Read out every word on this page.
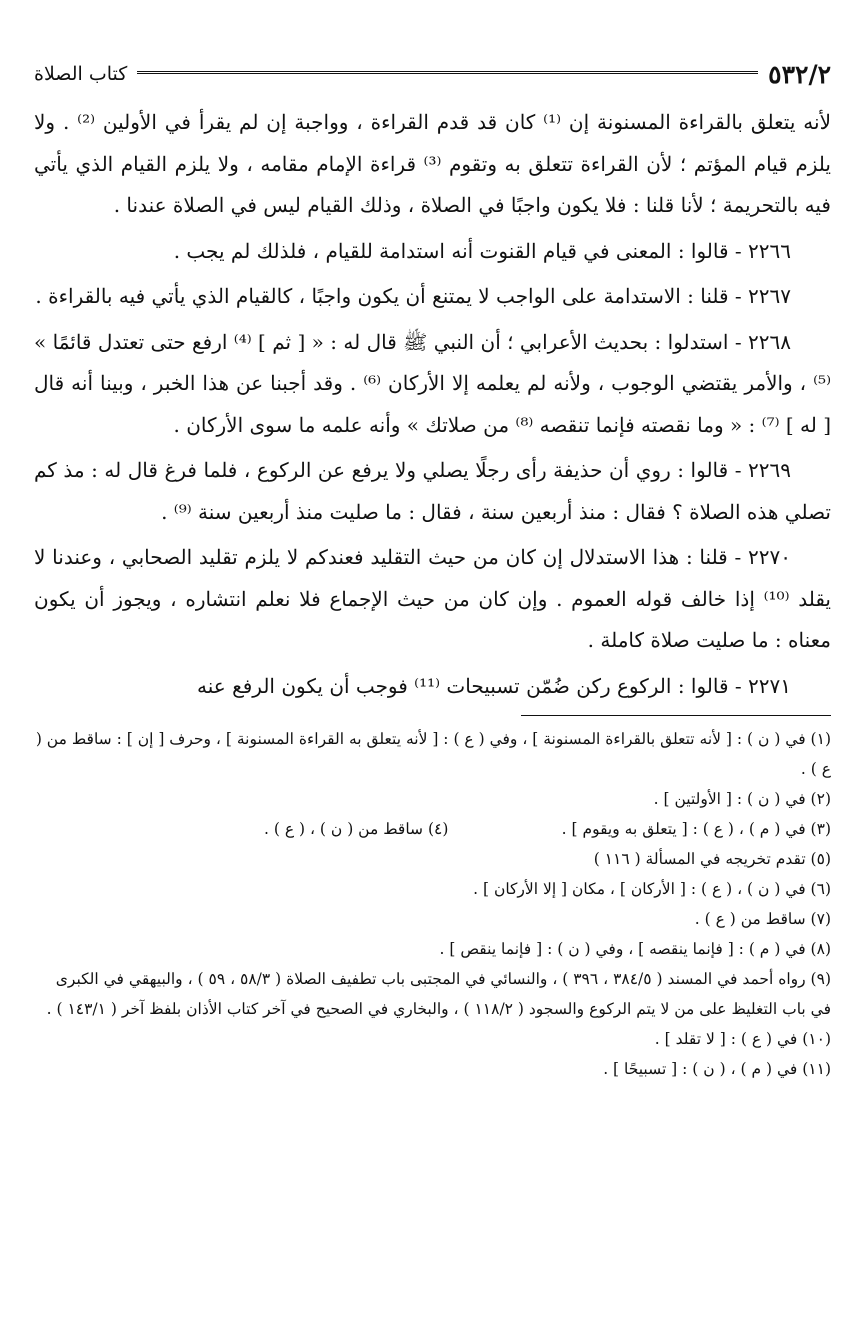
٥٣٢/٢
كتاب الصلاة

لأنه يتعلق بالقراءة المسنونة إن ⁽¹⁾ كان قد قدم القراءة ، وواجبة إن لم يقرأ في الأولين ⁽²⁾ . ولا يلزم قيام المؤتم ؛ لأن القراءة تتعلق به وتقوم ⁽³⁾ قراءة الإمام مقامه ، ولا يلزم القيام الذي يأتي فيه بالتحريمة ؛ لأنا قلنا : فلا يكون واجبًا في الصلاة ، وذلك القيام ليس في الصلاة عندنا .

٢٢٦٦ - قالوا : المعنى في قيام القنوت أنه استدامة للقيام ، فلذلك لم يجب .

٢٢٦٧ - قلنا : الاستدامة على الواجب لا يمتنع أن يكون واجبًا ، كالقيام الذي يأتي فيه بالقراءة .

٢٢٦٨ - استدلوا : بحديث الأعرابي ؛ أن النبي ﷺ قال له : « [ ثم ] ⁽⁴⁾ ارفع حتى تعتدل قائمًا » ⁽⁵⁾ ، والأمر يقتضي الوجوب ، ولأنه لم يعلمه إلا الأركان ⁽⁶⁾ . وقد أجبنا عن هذا الخبر ، وبينا أنه قال [ له ] ⁽⁷⁾ : « وما نقصته فإنما تنقصه ⁽⁸⁾ من صلاتك » وأنه علمه ما سوى الأركان .

٢٢٦٩ - قالوا : روي أن حذيفة رأى رجلًا يصلي ولا يرفع عن الركوع ، فلما فرغ قال له : مذ كم تصلي هذه الصلاة ؟ فقال : منذ أربعين سنة ، فقال : ما صليت منذ أربعين سنة ⁽⁹⁾ .

٢٢٧٠ - قلنا : هذا الاستدلال إن كان من حيث التقليد فعندكم لا يلزم تقليد الصحابي ، وعندنا لا يقلد ⁽¹⁰⁾ إذا خالف قوله العموم . وإن كان من حيث الإجماع فلا نعلم انتشاره ، ويجوز أن يكون معناه : ما صليت صلاة كاملة .

٢٢٧١ - قالوا : الركوع ركن ضُمّن تسبيحات ⁽¹¹⁾ فوجب أن يكون الرفع عنه

(١) في ( ن ) : [ لأنه تتعلق بالقراءة المسنونة ] ، وفي ( ع ) : [ لأنه يتعلق به القراءة المسنونة ] ، وحرف [ إن ] : ساقط من ( ع ) .

(٢) في ( ن ) : [ الأولتين ] .

(٣) في ( م ) ، ( ع ) : [ يتعلق به ويقوم ] .
(٤) ساقط من ( ن ) ، ( ع ) .

(٥) تقدم تخريجه في المسألة ( ١١٦ )

(٦) في ( ن ) ، ( ع ) : [ الأركان ] ، مكان [ إلا الأركان ] .

(٧) ساقط من ( ع ) .

(٨) في ( م ) : [ فإنما ينقصه ] ، وفي ( ن ) : [ فإنما ينقص ] .

(٩) رواه أحمد في المسند ( ٣٨٤/٥ ، ٣٩٦ ) ، والنسائي في المجتبى باب تطفيف الصلاة ( ٥٨/٣ ، ٥٩ ) ، والبيهقي في الكبرى في باب التغليظ على من لا يتم الركوع والسجود ( ١١٨/٢ ) ، والبخاري في الصحيح في آخر كتاب الأذان بلفظ آخر ( ١٤٣/١ ) .

(١٠) في ( ع ) : [ لا تقلد ] .

(١١) في ( م ) ، ( ن ) : [ تسبيحًا ] .
